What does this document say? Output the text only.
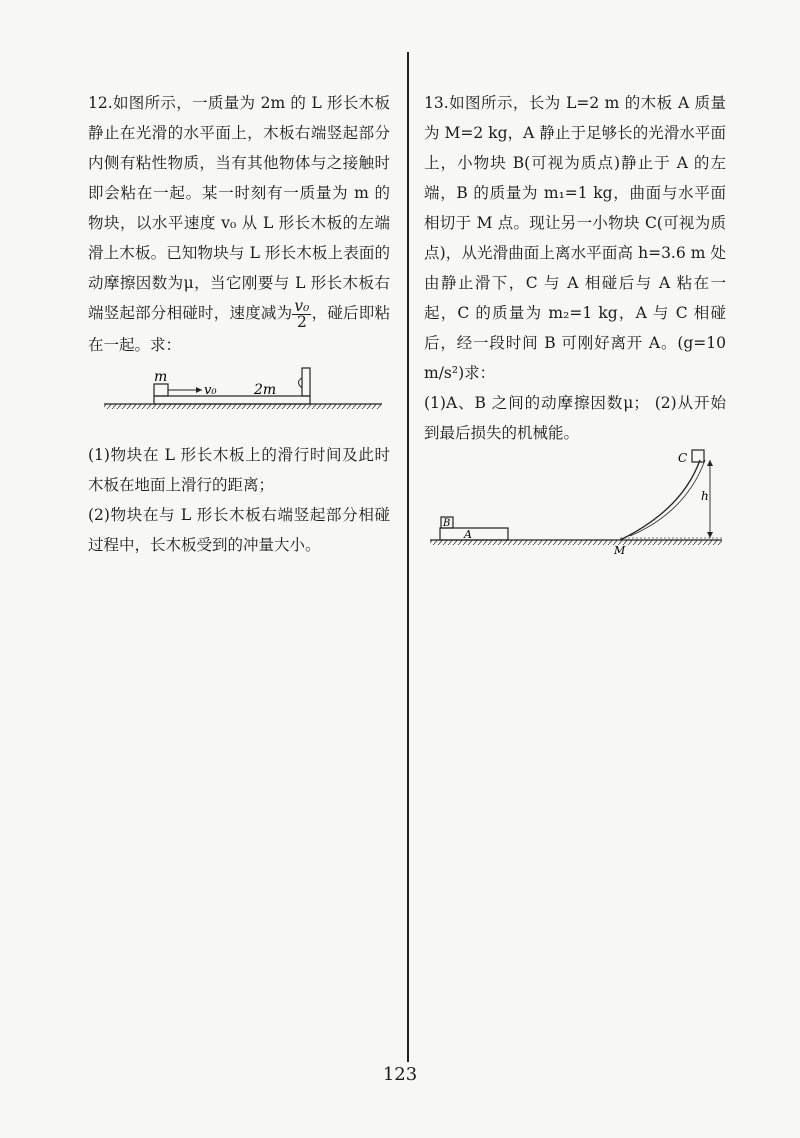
12.如图所示，一质量为 2m 的 L 形长木板静止在光滑的水平面上，木板右端竖起部分内侧有粘性物质，当有其他物体与之接触时即会粘在一起。某一时刻有一质量为 m 的物块，以水平速度 v₀ 从 L 形长木板的左端滑上木板。已知物块与 L 形长木板上表面的动摩擦因数为μ，当它刚要与 L 形长木板右端竖起部分相碰时，速度减为 $\frac{\text{v₀}}{2}$ ，碰后即粘在一起。求：

m
v₀	2m

(1)物块在 L 形长木板上的滑行时间及此时木板在地面上滑行的距离；

(2)物块在与 L 形长木板右端竖起部分相碰过程中，长木板受到的冲量大小。

13.如图所示，长为 L=2 m 的木板 A 质量为 M=2 kg，A 静止于足够长的光滑水平面上，小物块 B(可视为质点)静止于 A 的左端，B 的质量为 m₁=1 kg，曲面与水平面相切于 M 点。现让另一小物块 C(可视为质点)，从光滑曲面上离水平面高 h=3.6 m 处由静止滑下，C 与 A 相碰后与 A 粘在一起，C 的质量为 m₂=1 kg，A 与 C 相碰后，经一段时间 B 可刚好离开 A。(g=10 m/s²)求：

(1)A、B 之间的动摩擦因数μ； (2)从开始到最后损失的机械能。

C
h
A
B
M
123
